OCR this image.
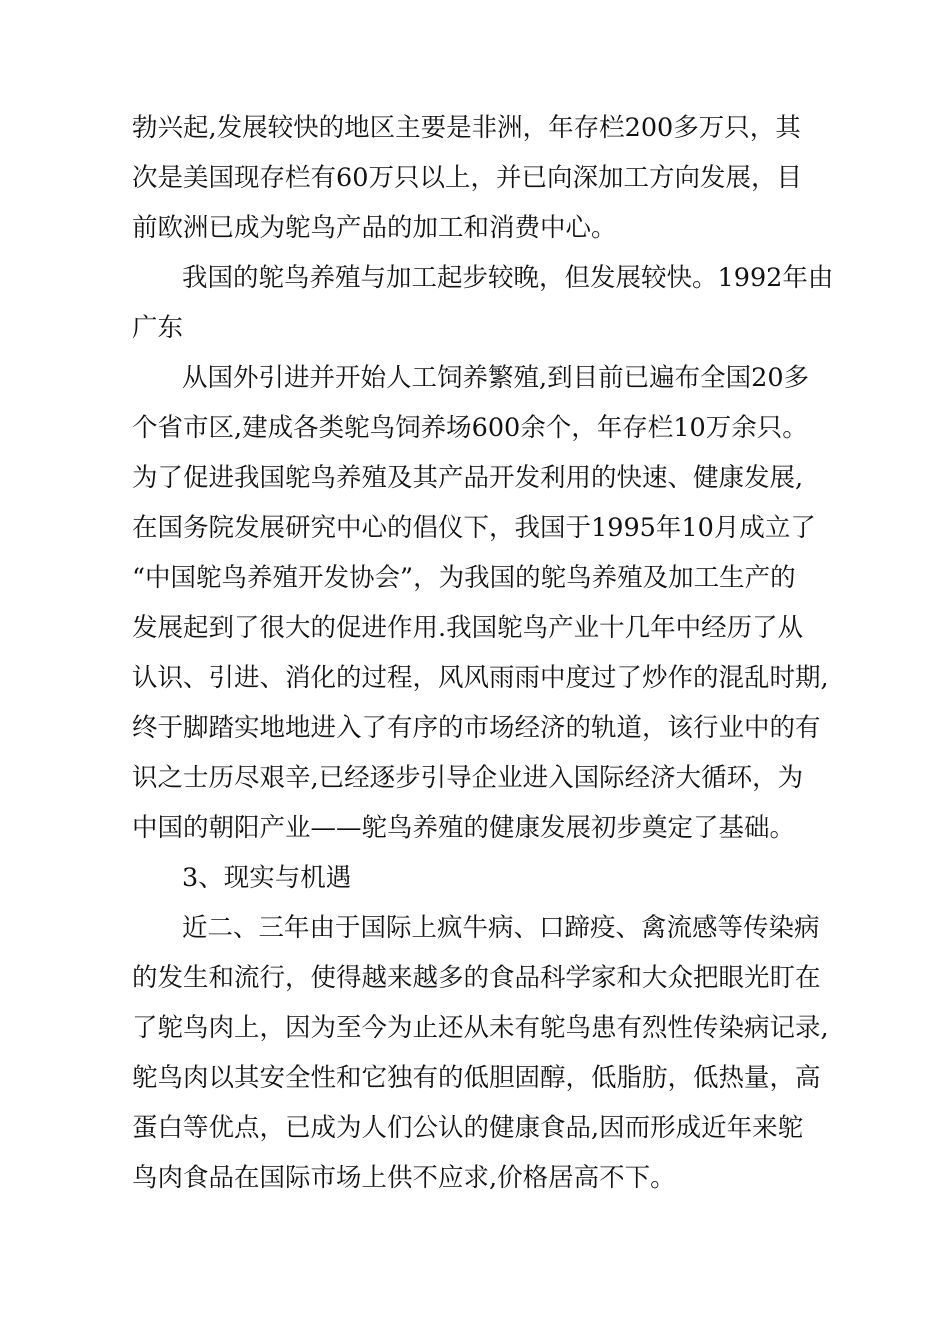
勃兴起,发展较快的地区主要是非洲，年存栏200多万只，其
次是美国现存栏有60万只以上，并已向深加工方向发展，目
前欧洲已成为鸵鸟产品的加工和消费中心。
我国的鸵鸟养殖与加工起步较晚，但发展较快。1992年由
广东
从国外引进并开始人工饲养繁殖,到目前已遍布全国20多
个省市区,建成各类鸵鸟饲养场600余个，年存栏10万余只。
为了促进我国鸵鸟养殖及其产品开发利用的快速、健康发展,
在国务院发展研究中心的倡仪下，我国于1995年10月成立了
“中国鸵鸟养殖开发协会”，为我国的鸵鸟养殖及加工生产的
发展起到了很大的促进作用.我国鸵鸟产业十几年中经历了从
认识、引进、消化的过程，风风雨雨中度过了炒作的混乱时期,
终于脚踏实地地进入了有序的市场经济的轨道，该行业中的有
识之士历尽艰辛,已经逐步引导企业进入国际经济大循环，为
中国的朝阳产业——鸵鸟养殖的健康发展初步奠定了基础。
3、现实与机遇
近二、三年由于国际上疯牛病、口蹄疫、禽流感等传染病
的发生和流行，使得越来越多的食品科学家和大众把眼光盯在
了鸵鸟肉上，因为至今为止还从未有鸵鸟患有烈性传染病记录,
鸵鸟肉以其安全性和它独有的低胆固醇，低脂肪，低热量，高
蛋白等优点，已成为人们公认的健康食品,因而形成近年来鸵
鸟肉食品在国际市场上供不应求,价格居高不下。
